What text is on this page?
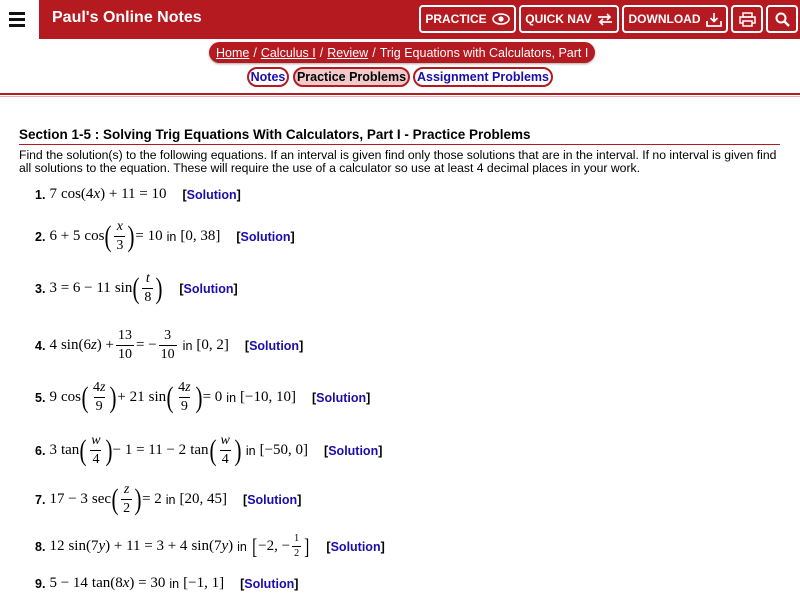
Paul's Online Notes	PRACTICE	QUICK NAV	DOWNLOAD
Home / Calculus I / Review / Trig Equations with Calculators, Part I
Notes Practice Problems Assignment Problems
Section 1-5 : Solving Trig Equations With Calculators, Part I - Practice Problems
Find the solution(s) to the following equations. If an interval is given find only those solutions that are in the interval. If no interval is given find all solutions to the equation. These will require the use of a calculator so use at least 4 decimal places in your work.
1. 7 cos(4 x ) + 11 = 10 [Solution]
2. 6 + 5 cos ( $\frac{x}{3}$ ) = 10 in [0, 38] [Solution]
3. 3 = 6 − 11 sin ( $\frac{t}{8}$ ) [Solution]
4. 4 sin(6 z ) + $\frac{13}{10}$ = − $\frac{3}{10}$ in [0, 2] [Solution]
5. 9 cos ( $\frac{4z}{9}$ ) + 21 sin ( $\frac{4z}{9}$ ) = 0 in [−10, 10] [Solution]
6. 3 tan ( $\frac{w}{4}$ ) − 1 = 11 − 2 tan ( $\frac{w}{4}$ ) in [−50, 0] [Solution]
7. 17 − 3 sec ( $\frac{z}{2}$ ) = 2 in [20, 45] [Solution]
8. 12 sin(7 y ) + 11 = 3 + 4 sin(7 y ) in [ −2, − $\frac{1}{2}$ ] [Solution]
9. 5 − 14 tan(8 x ) = 30 in [−1, 1] [Solution]
